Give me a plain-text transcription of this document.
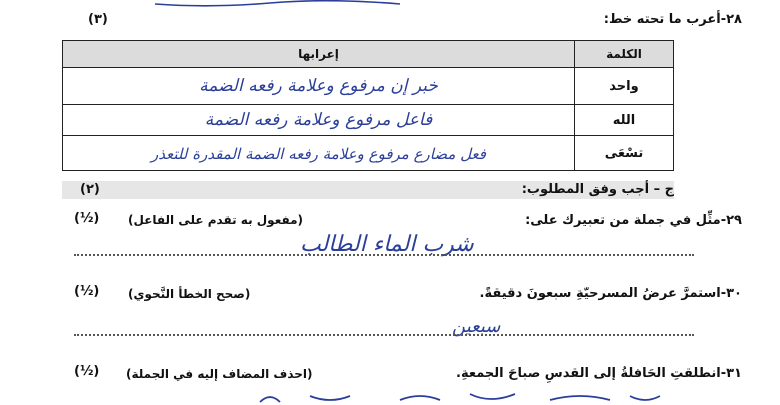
٢٨-أعرب ما تحته خط:
(٣)
الكلمة	إعرابها
واحد	خبر إن مرفوع وعلامة رفعه الضمة
الله	فاعل مرفوع وعلامة رفعه الضمة
تسْعَى	فعل مضارع مرفوع وعلامة رفعه الضمة المقدرة للتعذر
ج – أجب وفق المطلوب:
(٢)
٢٩-مثِّل في جملة من تعبيرك على:
(مفعول به تقدم على الفاعل)
(½)
شرب الماء الطالب
٣٠-استمرَّ عرضُ المسرحيّةِ سبعونَ دقيقةً.
(صحح الخطأ النَّحوي)
(½)
سبعين
٣١-انطلقتِ الحَافلةُ إلى القدسِ صباحَ الجمعةِ.
(احذف المضاف إليه في الجملة)
(½)
